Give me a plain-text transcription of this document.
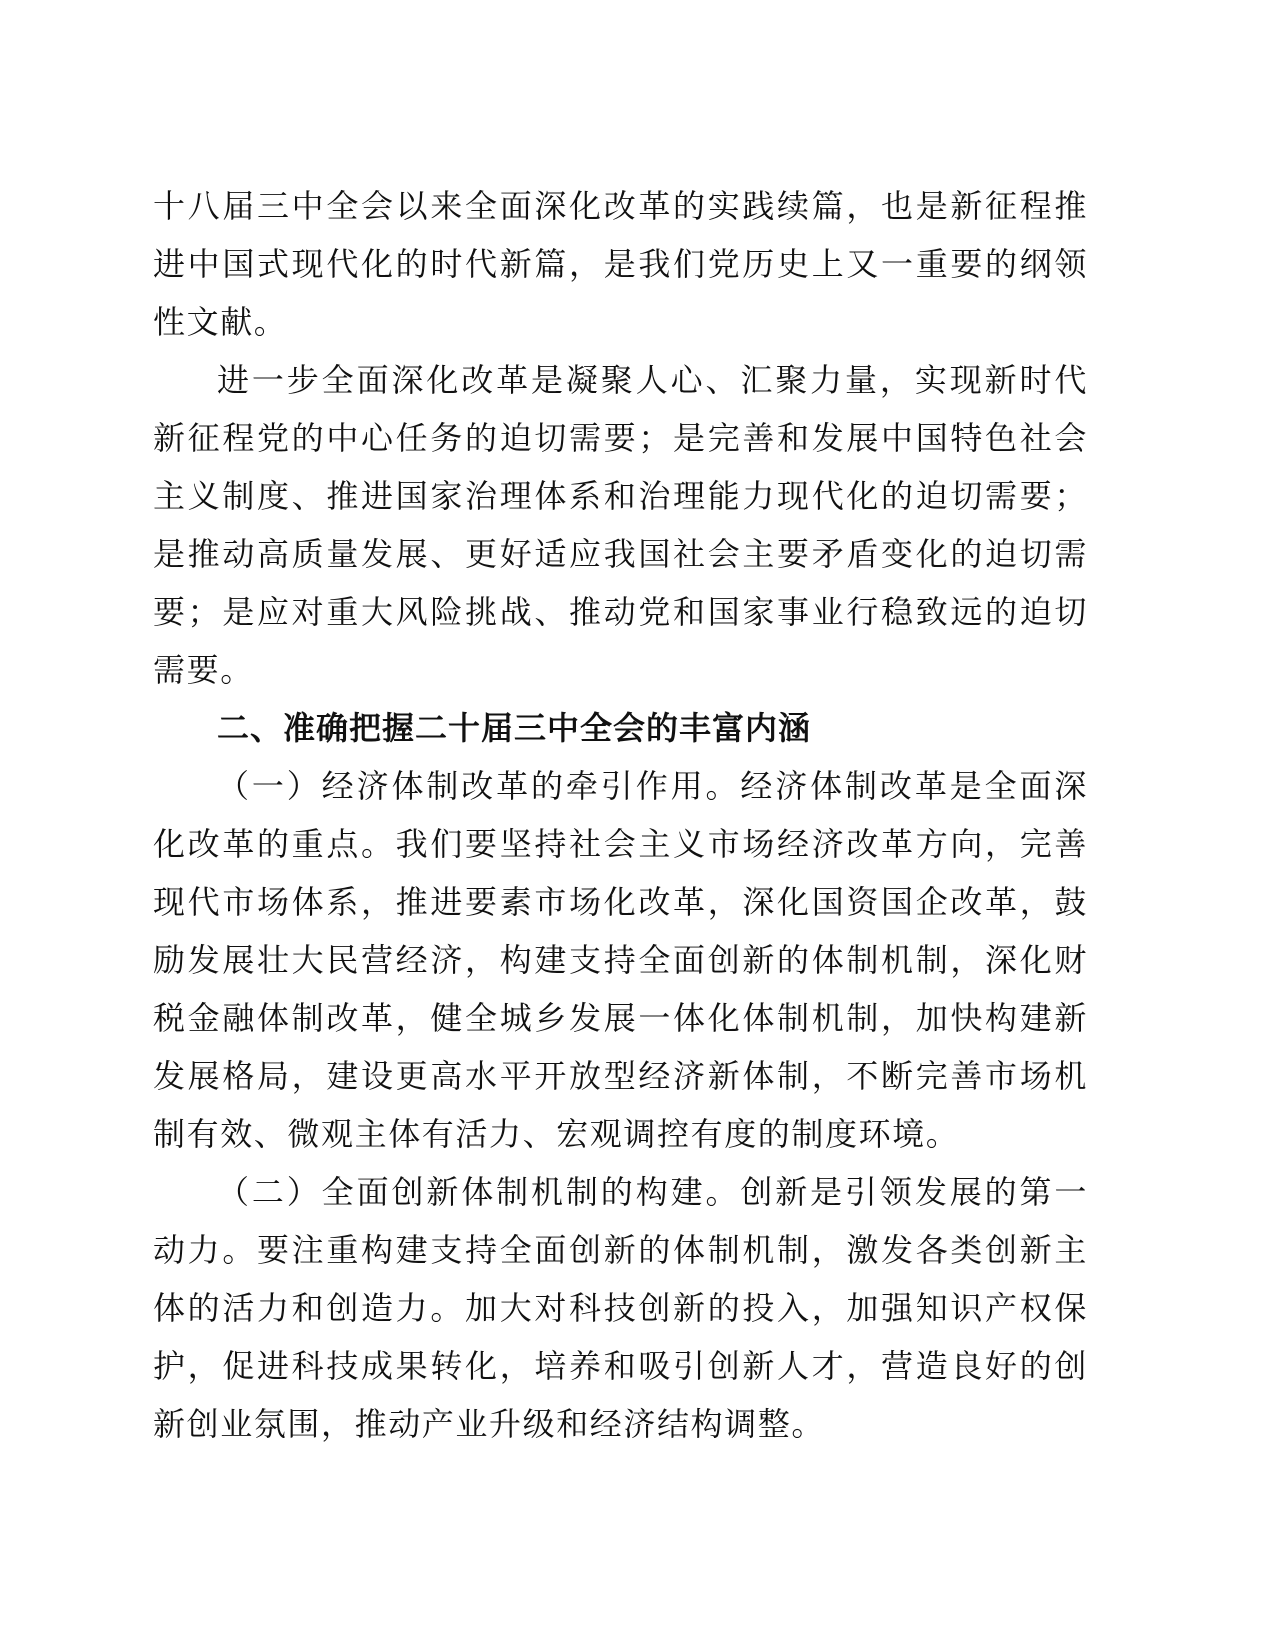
十八届三中全会以来全面深化改革的实践续篇，也是新征程推进中国式现代化的时代新篇，是我们党历史上又一重要的纲领性文献。

进一步全面深化改革是凝聚人心、汇聚力量，实现新时代新征程党的中心任务的迫切需要；是完善和发展中国特色社会主义制度、推进国家治理体系和治理能力现代化的迫切需要；是推动高质量发展、更好适应我国社会主要矛盾变化的迫切需要；是应对重大风险挑战、推动党和国家事业行稳致远的迫切需要。

二、准确把握二十届三中全会的丰富内涵

（一）经济体制改革的牵引作用。经济体制改革是全面深化改革的重点。我们要坚持社会主义市场经济改革方向，完善现代市场体系，推进要素市场化改革，深化国资国企改革，鼓励发展壮大民营经济，构建支持全面创新的体制机制，深化财税金融体制改革，健全城乡发展一体化体制机制，加快构建新发展格局，建设更高水平开放型经济新体制，不断完善市场机制有效、微观主体有活力、宏观调控有度的制度环境。

（二）全面创新体制机制的构建。创新是引领发展的第一动力。要注重构建支持全面创新的体制机制，激发各类创新主体的活力和创造力。加大对科技创新的投入，加强知识产权保护，促进科技成果转化，培养和吸引创新人才，营造良好的创新创业氛围，推动产业升级和经济结构调整。
